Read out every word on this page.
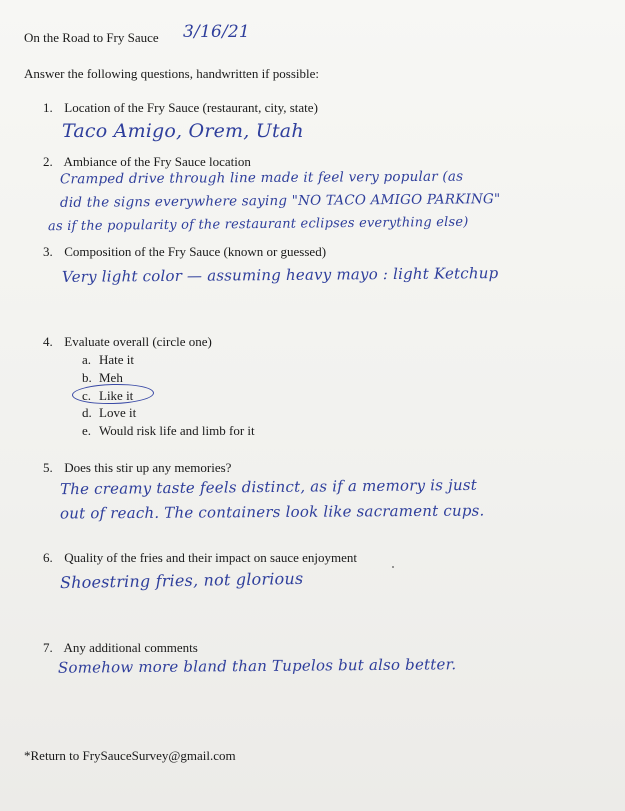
On the Road to Fry Sauce 3/16/21
Answer the following questions, handwritten if possible:
1. Location of the Fry Sauce (restaurant, city, state)
Taco Amigo, Orem, Utah
2. Ambiance of the Fry Sauce location
Cramped drive through line made it feel very popular (as
did the signs everywhere saying "NO TACO AMIGO PARKING"
as if the popularity of the restaurant eclipses everything else)
3. Composition of the Fry Sauce (known or guessed)
Very light color — assuming heavy mayo : light Ketchup
4. Evaluate overall (circle one)
a. Hate it
b. Meh
c. Like it
d. Love it
e. Would risk life and limb for it
5. Does this stir up any memories?
The creamy taste feels distinct, as if a memory is just
out of reach. The containers look like sacrament cups.
6. Quality of the fries and their impact on sauce enjoyment
Shoestring fries, not glorious
7. Any additional comments
Somehow more bland than Tupelos but also better.
*Return to FrySauceSurvey@gmail.com
